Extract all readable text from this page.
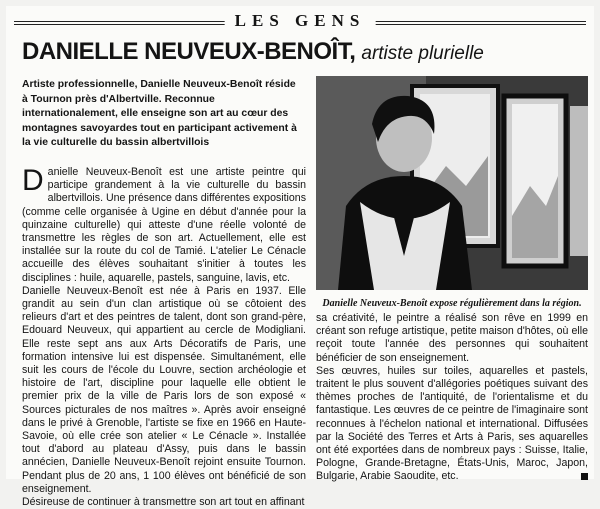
LES GENS
DANIELLE NEUVEUX-BENOÎT, artiste plurielle
Artiste professionnelle, Danielle Neuveux-Benoît réside à Tournon près d'Albertville. Reconnue internationalement, elle enseigne son art au cœur des montagnes savoyardes tout en participant activement à la vie culturelle du bassin albertvillois

Danielle Neuveux-Benoît est une artiste peintre qui participe grandement à la vie culturelle du bassin albertvillois. Une présence dans différentes expositions (comme celle organisée à Ugine en début d'année pour la quinzaine culturelle) qui atteste d'une réelle volonté de transmettre les règles de son art. Actuellement, elle est installée sur la route du col de Tamié. L'atelier Le Cénacle accueille des élèves souhaitant s'initier à toutes les disciplines : huile, aquarelle, pastels, sanguine, lavis, etc.

Danielle Neuveux-Benoît est née à Paris en 1937. Elle grandit au sein d'un clan artistique où se côtoient des relieurs d'art et des peintres de talent, dont son grand-père, Edouard Neuveux, qui appartient au cercle de Modigliani. Elle reste sept ans aux Arts Décoratifs de Paris, une formation intensive lui est dispensée. Simultanément, elle suit les cours de l'école du Louvre, section archéologie et histoire de l'art, discipline pour laquelle elle obtient le premier prix de la ville de Paris lors de son exposé « Sources picturales de nos maîtres ». Après avoir enseigné dans le privé à Grenoble, l'artiste se fixe en 1966 en Haute-Savoie, où elle crée son atelier « Le Cénacle ». Installée tout d'abord au plateau d'Assy, puis dans le bassin annécien, Danielle Neuveux-Benoît rejoint ensuite Tournon. Pendant plus de 20 ans, 1 100 élèves ont bénéficié de son enseignement.

Désireuse de continuer à transmettre son art tout en affinant

Danielle Neuveux-Benoît expose régulièrement dans la région.

sa créativité, le peintre a réalisé son rêve en 1999 en créant son refuge artistique, petite maison d'hôtes, où elle reçoit toute l'année des personnes qui souhaitent bénéficier de son enseignement.

Ses œuvres, huiles sur toiles, aquarelles et pastels, traitent le plus souvent d'allégories poétiques suivant des thèmes proches de l'antiquité, de l'orientalisme et du fantastique. Les œuvres de ce peintre de l'imaginaire sont reconnues à l'échelon national et international. Diffusées par la Société des Terres et Arts à Paris, ses aquarelles ont été exportées dans de nombreux pays : Suisse, Italie, Pologne, Grande-Bretagne, États-Unis, Maroc, Japon, Bulgarie, Arabie Saoudite, etc.
